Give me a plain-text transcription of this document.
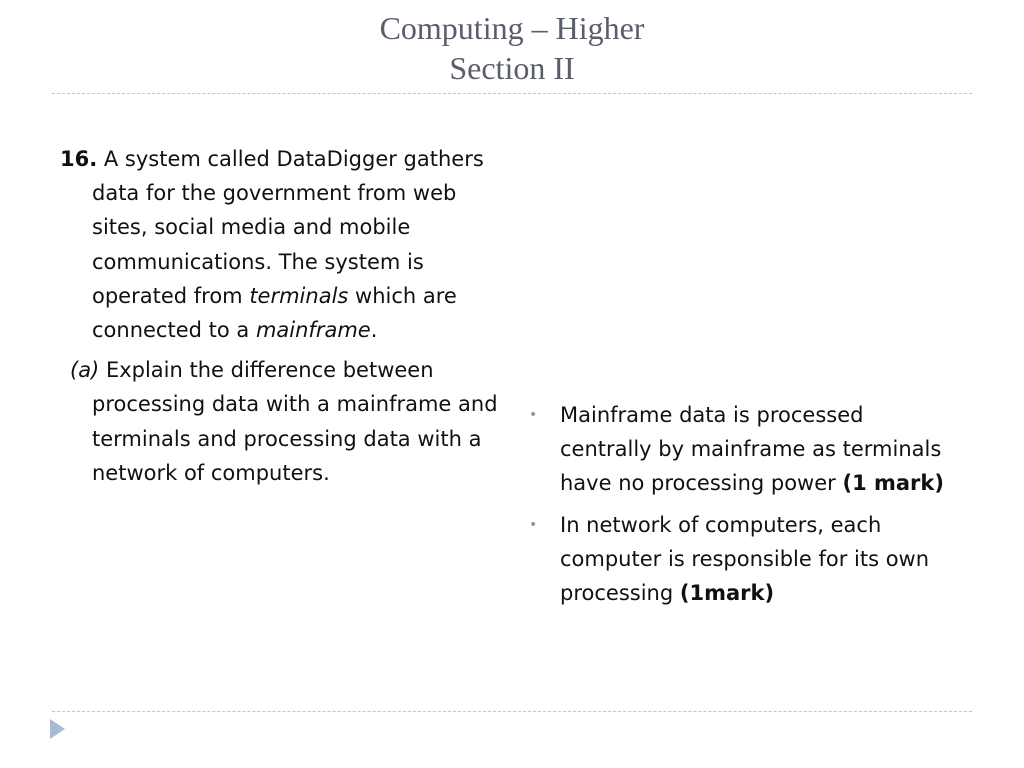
Computing – Higher
Section II
16. A system called DataDigger gathers data for the government from web sites, social media and mobile communications. The system is operated from terminals which are connected to a mainframe.
(a) Explain the difference between processing data with a mainframe and terminals and processing data with a network of computers.
• Mainframe data is processed centrally by mainframe as terminals have no processing power (1 mark)
• In network of computers, each computer is responsible for its own processing (1mark)
